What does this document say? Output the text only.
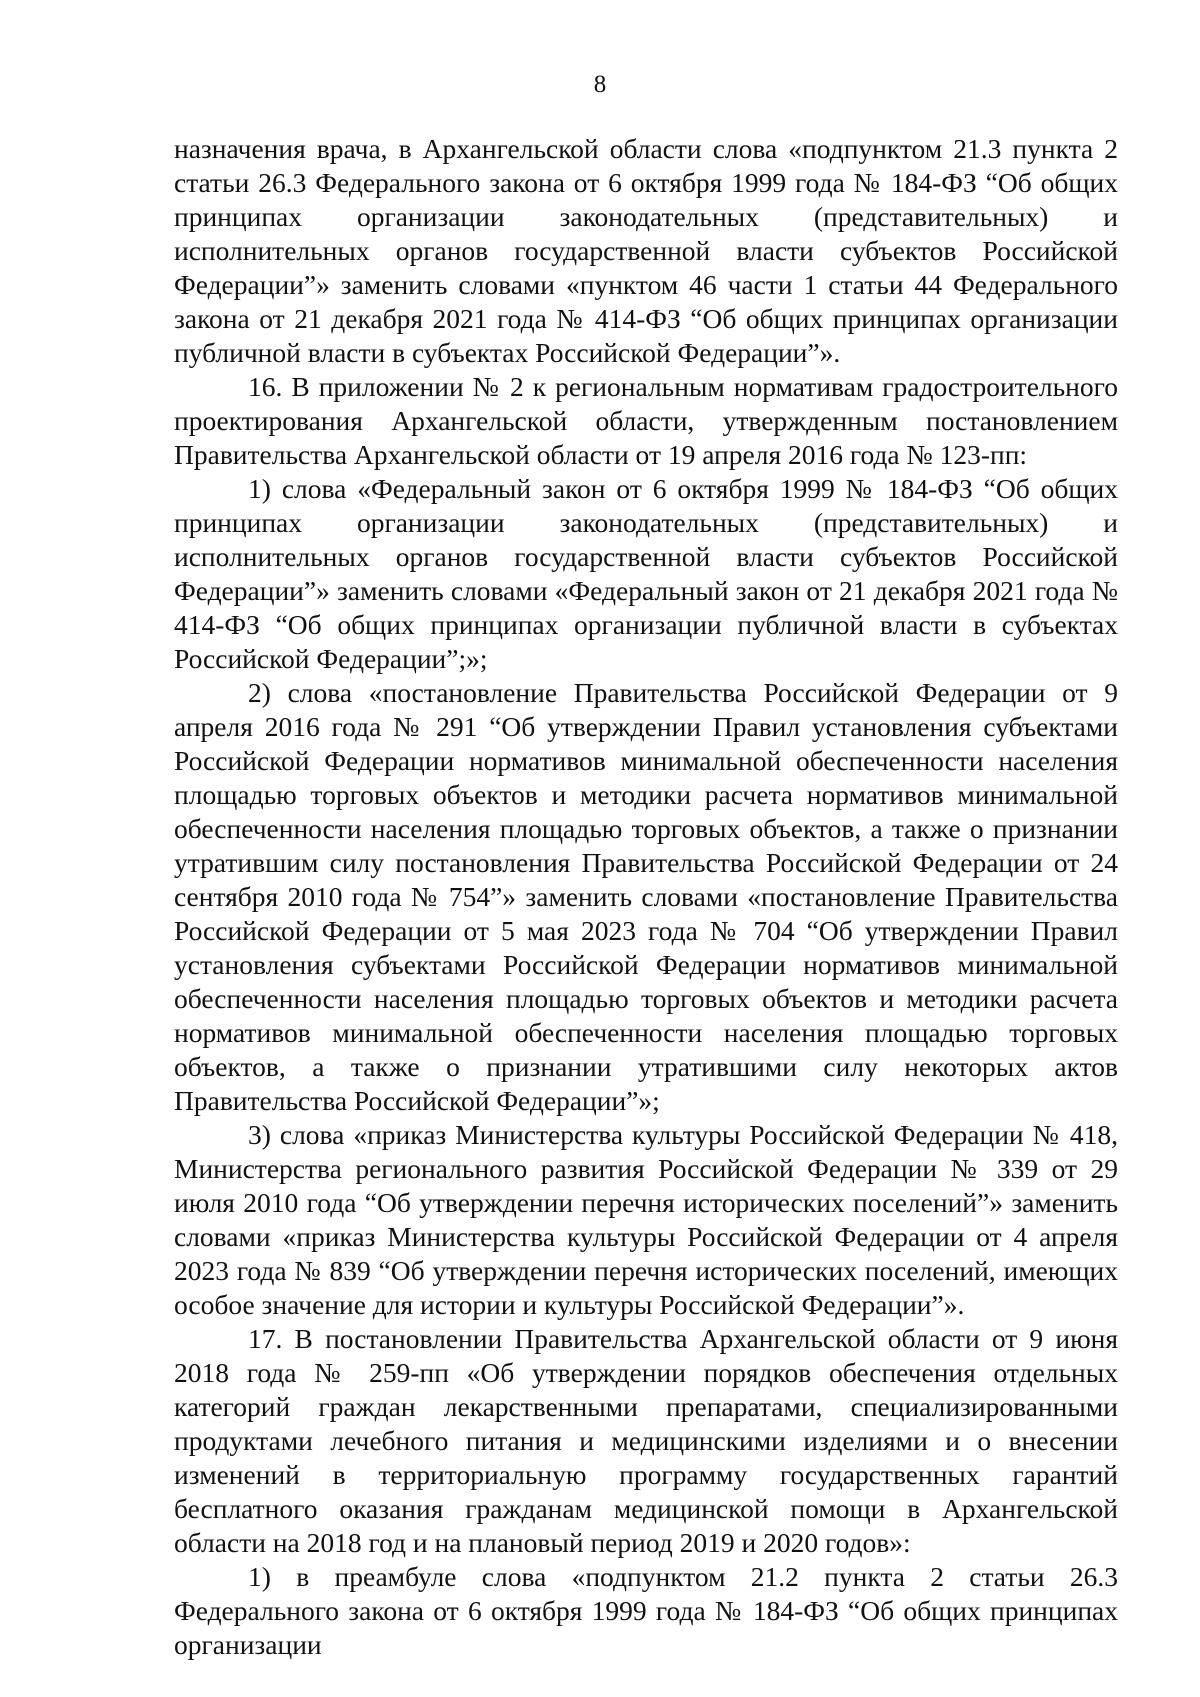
8

назначения врача, в Архангельской области слова «подпунктом 21.3 пункта 2 статьи 26.3 Федерального закона от 6 октября 1999 года № 184-ФЗ “Об общих принципах организации законодательных (представительных) и исполнительных органов государственной власти субъектов Российской Федерации”» заменить словами «пунктом 46 части 1 статьи 44 Федерального закона от 21 декабря 2021 года № 414-ФЗ “Об общих принципах организации публичной власти в субъектах Российской Федерации”».

16. В приложении № 2 к региональным нормативам градостроительного проектирования Архангельской области, утвержденным постановлением Правительства Архангельской области от 19 апреля 2016 года № 123-пп:

1) слова «Федеральный закон от 6 октября 1999 № 184-ФЗ “Об общих принципах организации законодательных (представительных) и исполнительных органов государственной власти субъектов Российской Федерации”» заменить словами «Федеральный закон от 21 декабря 2021 года № 414-ФЗ “Об общих принципах организации публичной власти в субъектах Российской Федерации”;»;

2) слова «постановление Правительства Российской Федерации от 9 апреля 2016 года № 291 “Об утверждении Правил установления субъектами Российской Федерации нормативов минимальной обеспеченности населения площадью торговых объектов и методики расчета нормативов минимальной обеспеченности населения площадью торговых объектов, а также о признании утратившим силу постановления Правительства Российской Федерации от 24 сентября 2010 года № 754”» заменить словами «постановление Правительства Российской Федерации от 5 мая 2023 года № 704 “Об утверждении Правил установления субъектами Российской Федерации нормативов минимальной обеспеченности населения площадью торговых объектов и методики расчета нормативов минимальной обеспеченности населения площадью торговых объектов, а также о признании утратившими силу некоторых актов Правительства Российской Федерации”»;

3) слова «приказ Министерства культуры Российской Федерации № 418, Министерства регионального развития Российской Федерации № 339 от 29 июля 2010 года “Об утверждении перечня исторических поселений”» заменить словами «приказ Министерства культуры Российской Федерации от 4 апреля 2023 года № 839 “Об утверждении перечня исторических поселений, имеющих особое значение для истории и культуры Российской Федерации”».

17. В постановлении Правительства Архангельской области от 9 июня 2018 года № 259-пп «Об утверждении порядков обеспечения отдельных категорий граждан лекарственными препаратами, специализированными продуктами лечебного питания и медицинскими изделиями и о внесении изменений в территориальную программу государственных гарантий бесплатного оказания гражданам медицинской помощи в Архангельской области на 2018 год и на плановый период 2019 и 2020 годов»:

1) в преамбуле слова «подпунктом 21.2 пункта 2 статьи 26.3 Федерального закона от 6 октября 1999 года № 184-ФЗ “Об общих принципах организации
